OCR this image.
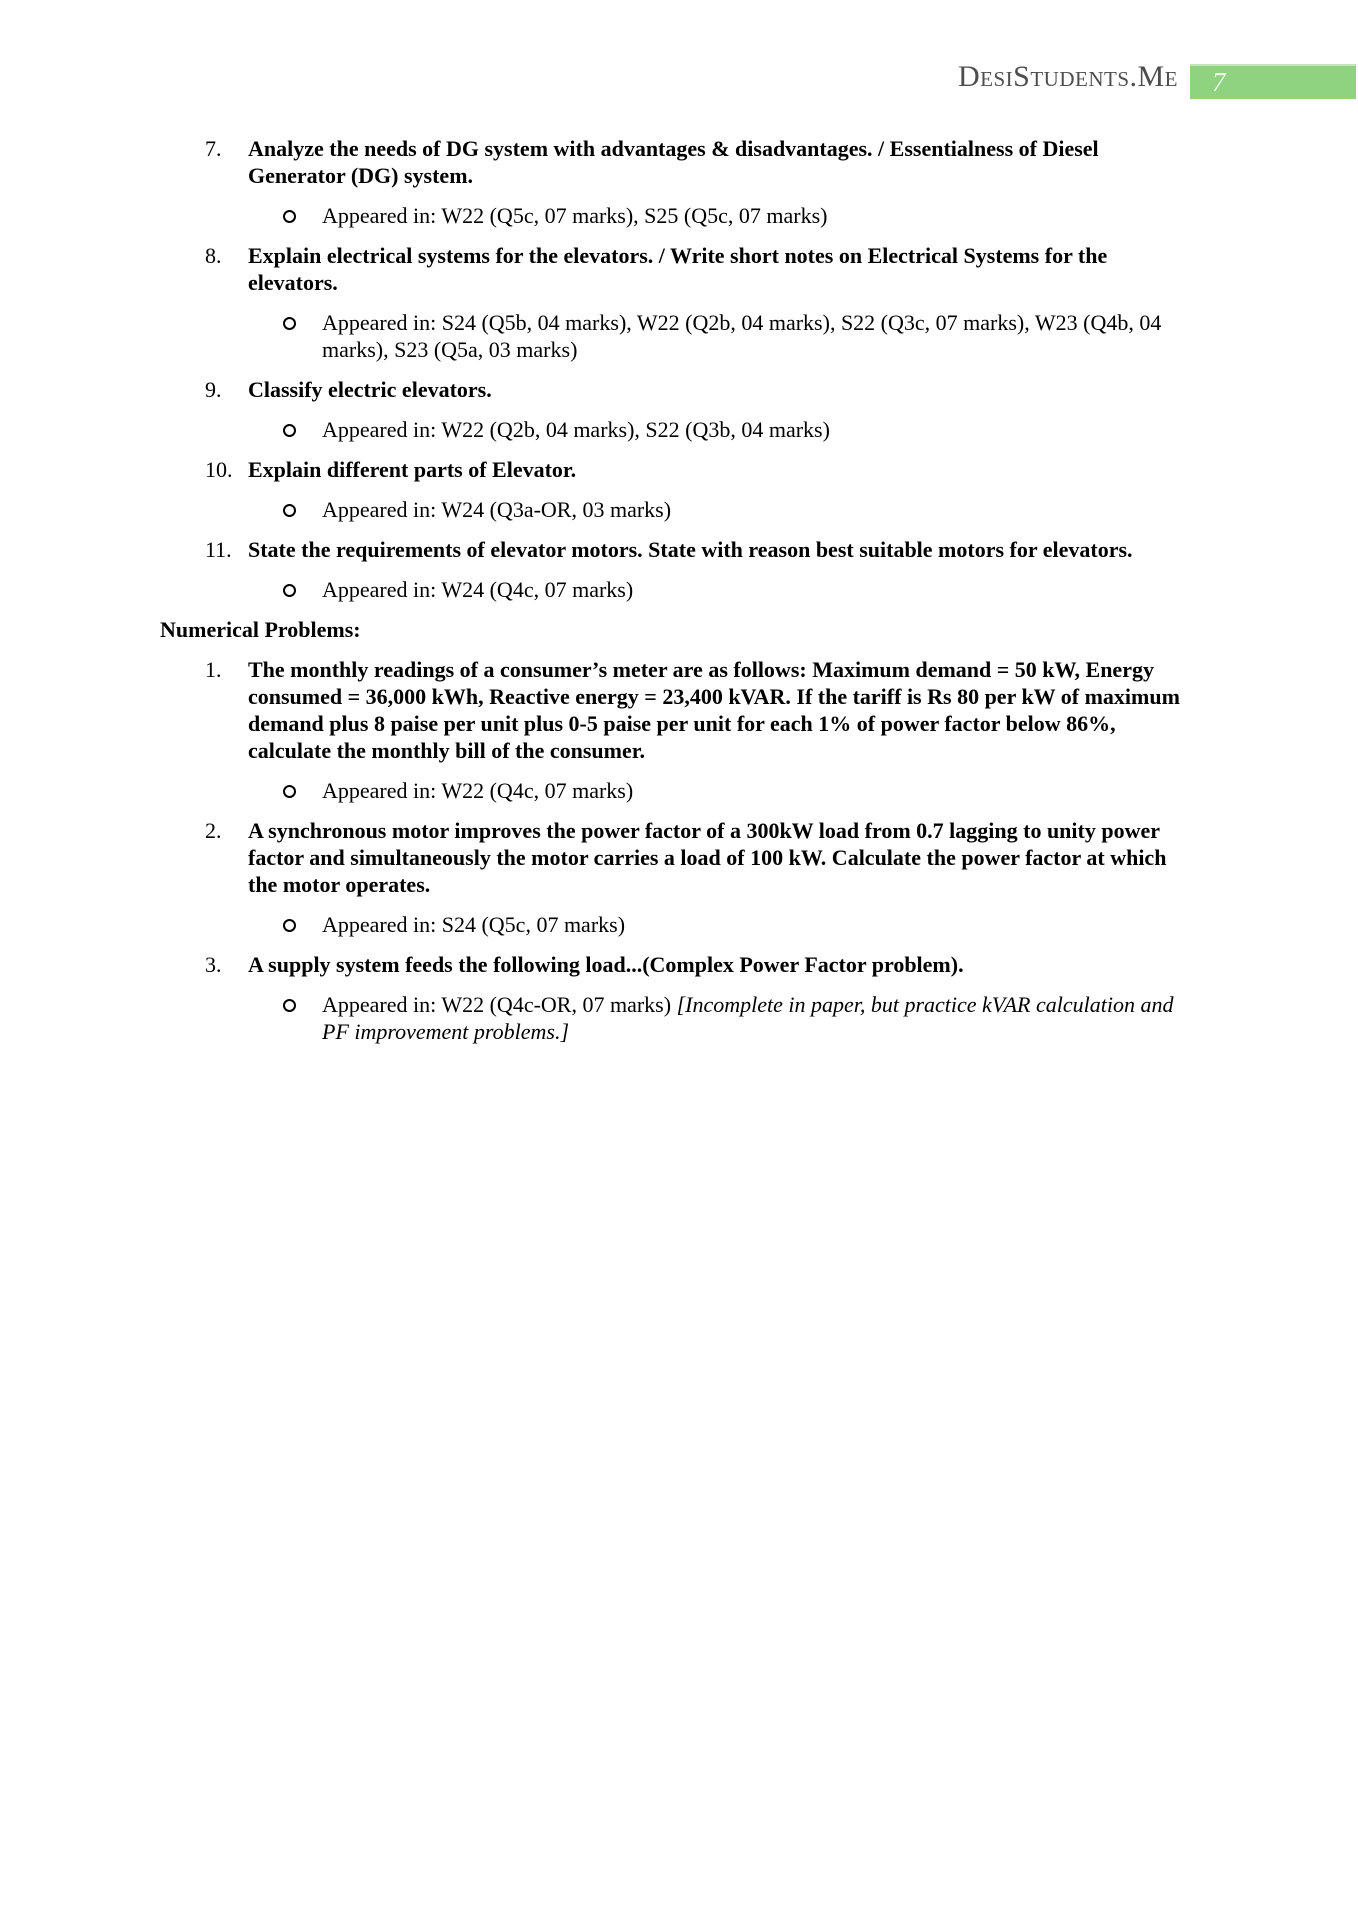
DesiStudents.Me 7
7.	Analyze the needs of DG system with advantages & disadvantages. / Essentialness of Diesel Generator (DG) system.
Appeared in: W22 (Q5c, 07 marks), S25 (Q5c, 07 marks)
8.	Explain electrical systems for the elevators. / Write short notes on Electrical Systems for the elevators.
Appeared in: S24 (Q5b, 04 marks), W22 (Q2b, 04 marks), S22 (Q3c, 07 marks), W23 (Q4b, 04 marks), S23 (Q5a, 03 marks)
9.	Classify electric elevators.
Appeared in: W22 (Q2b, 04 marks), S22 (Q3b, 04 marks)
10. Explain different parts of Elevator.
Appeared in: W24 (Q3a-OR, 03 marks)
11. State the requirements of elevator motors. State with reason best suitable motors for elevators.
Appeared in: W24 (Q4c, 07 marks)
Numerical Problems:
1.	The monthly readings of a consumer’s meter are as follows: Maximum demand = 50 kW, Energy consumed = 36,000 kWh, Reactive energy = 23,400 kVAR. If the tariff is Rs 80 per kW of maximum demand plus 8 paise per unit plus 0-5 paise per unit for each 1% of power factor below 86%, calculate the monthly bill of the consumer.
Appeared in: W22 (Q4c, 07 marks)
2.	A synchronous motor improves the power factor of a 300kW load from 0.7 lagging to unity power factor and simultaneously the motor carries a load of 100 kW. Calculate the power factor at which the motor operates.
Appeared in: S24 (Q5c, 07 marks)
3.	A supply system feeds the following load...(Complex Power Factor problem).
Appeared in: W22 (Q4c-OR, 07 marks) [Incomplete in paper, but practice kVAR calculation and PF improvement problems.]
